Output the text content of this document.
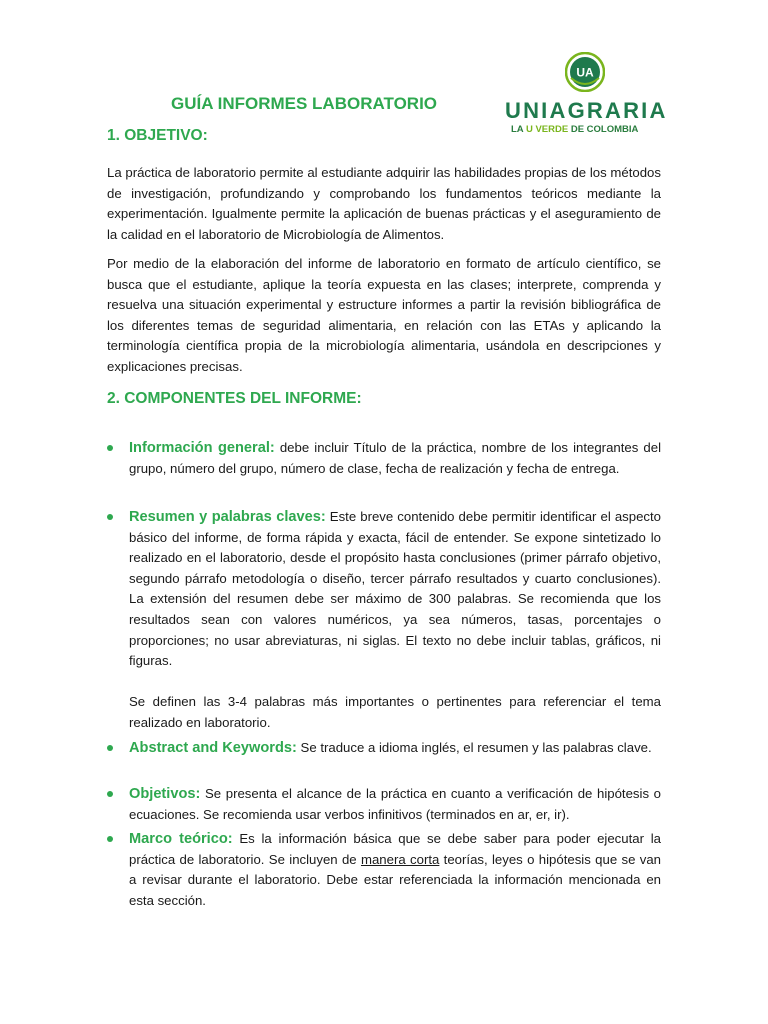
UA
UNIAGRARIA
LA U VERDE DE COLOMBIA
GUÍA INFORMES LABORATORIO
1. OBJETIVO:

La práctica de laboratorio permite al estudiante adquirir las habilidades propias de los métodos de investigación, profundizando y comprobando los fundamentos teóricos mediante la experimentación. Igualmente permite la aplicación de buenas prácticas y el aseguramiento de la calidad en el laboratorio de Microbiología de Alimentos.

Por medio de la elaboración del informe de laboratorio en formato de artículo científico, se busca que el estudiante, aplique la teoría expuesta en las clases; interprete, comprenda y resuelva una situación experimental y estructure informes a partir la revisión bibliográfica de los diferentes temas de seguridad alimentaria, en relación con las ETAs y aplicando la terminología científica propia de la microbiología alimentaria, usándola en descripciones y explicaciones precisas.

2. COMPONENTES DEL INFORME:

Información general: debe incluir Título de la práctica, nombre de los integrantes del grupo, número del grupo, número de clase, fecha de realización y fecha de entrega.

Resumen y palabras claves: Este breve contenido debe permitir identificar el aspecto básico del informe, de forma rápida y exacta, fácil de entender. Se expone sintetizado lo realizado en el laboratorio, desde el propósito hasta conclusiones (primer párrafo objetivo, segundo párrafo metodología o diseño, tercer párrafo resultados y cuarto conclusiones). La extensión del resumen debe ser máximo de 300 palabras. Se recomienda que los resultados sean con valores numéricos, ya sea números, tasas, porcentajes o proporciones; no usar abreviaturas, ni siglas. El texto no debe incluir tablas, gráficos, ni figuras.

Se definen las 3-4 palabras más importantes o pertinentes para referenciar el tema realizado en laboratorio.

Abstract and Keywords: Se traduce a idioma inglés, el resumen y las palabras clave.

Objetivos: Se presenta el alcance de la práctica en cuanto a verificación de hipótesis o ecuaciones. Se recomienda usar verbos infinitivos (terminados en ar, er, ir).

Marco teórico: Es la información básica que se debe saber para poder ejecutar la práctica de laboratorio. Se incluyen de manera corta teorías, leyes o hipótesis que se van a revisar durante el laboratorio. Debe estar referenciada la información mencionada en esta sección.
